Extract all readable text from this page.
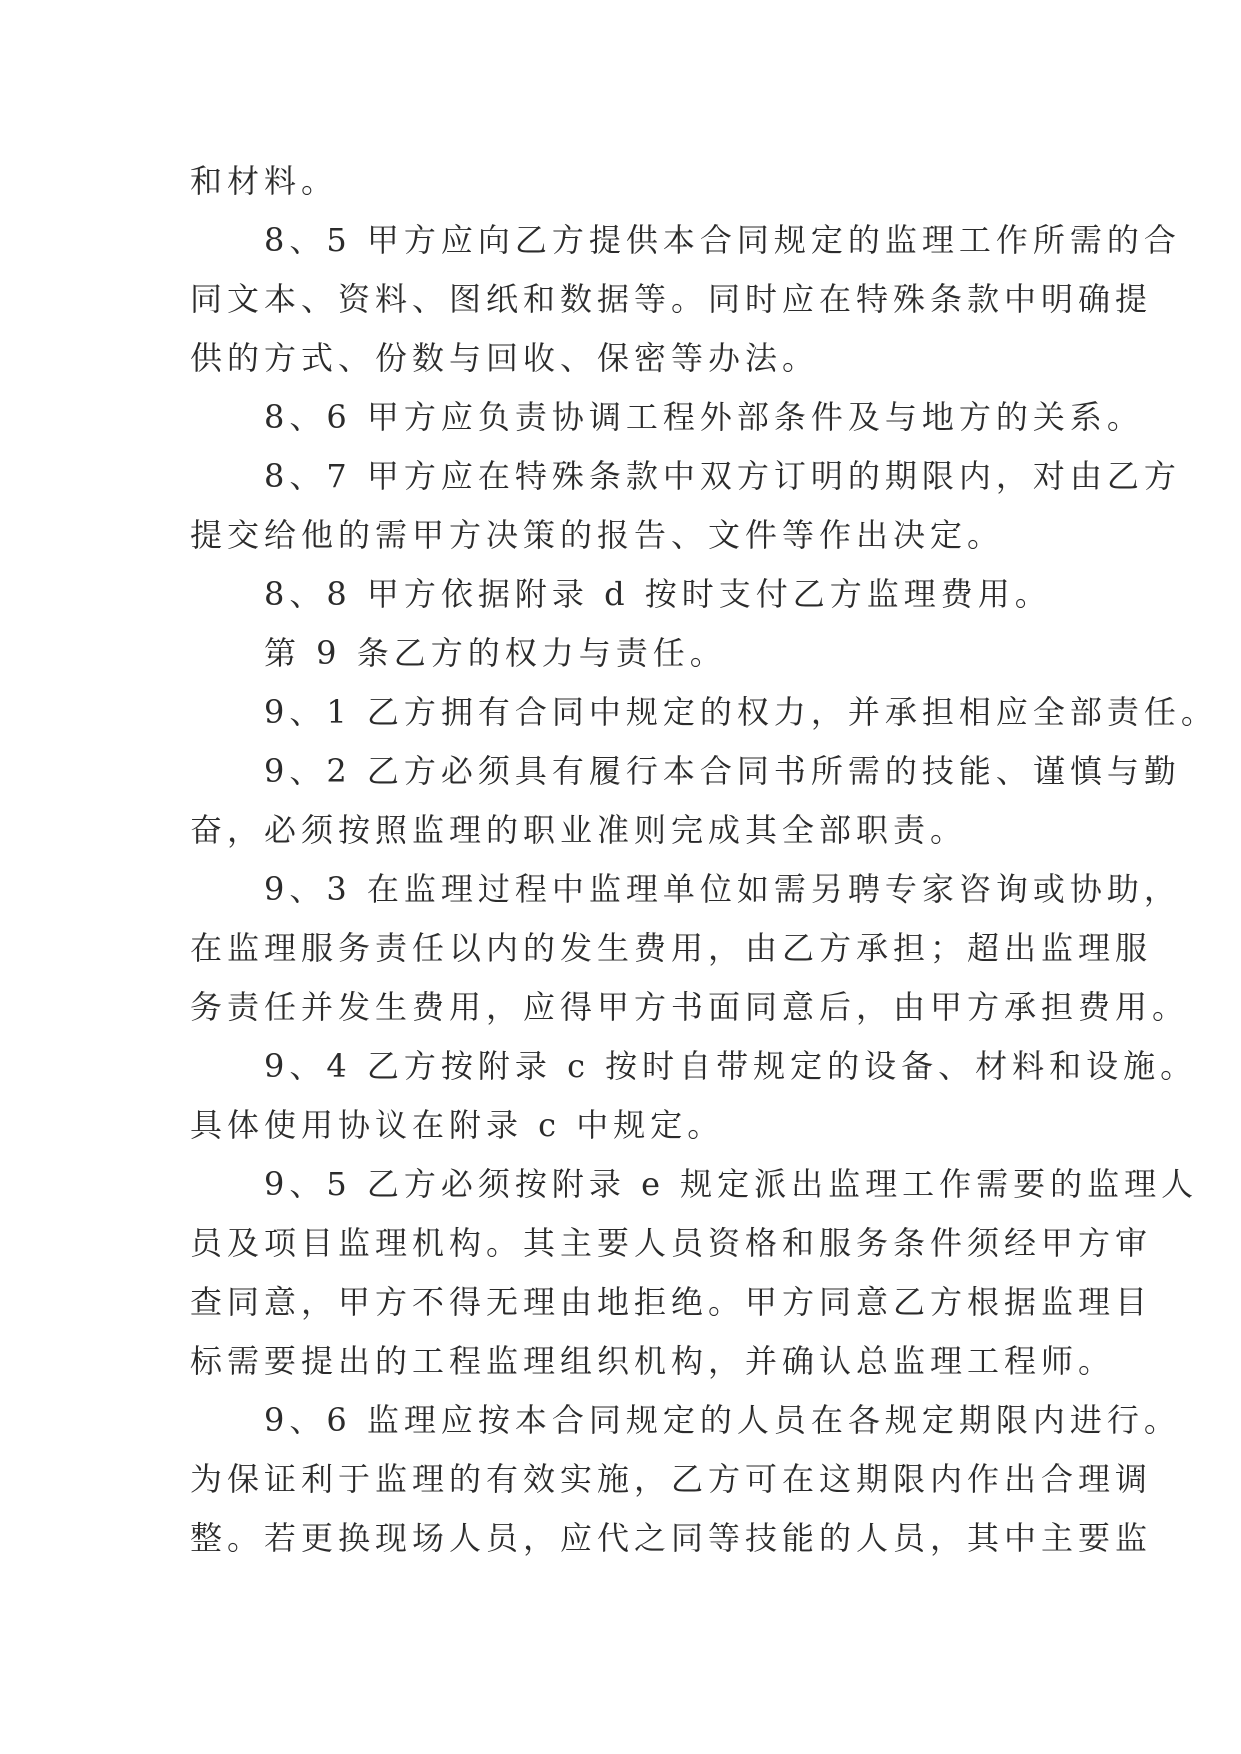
和材料。
　　8、5 甲方应向乙方提供本合同规定的监理工作所需的合
同文本、资料、图纸和数据等。同时应在特殊条款中明确提
供的方式、份数与回收、保密等办法。
　　8、6 甲方应负责协调工程外部条件及与地方的关系。
　　8、7 甲方应在特殊条款中双方订明的期限内，对由乙方
提交给他的需甲方决策的报告、文件等作出决定。
　　8、8 甲方依据附录 d 按时支付乙方监理费用。
　　第 9 条乙方的权力与责任。
　　9、1 乙方拥有合同中规定的权力，并承担相应全部责任。
　　9、2 乙方必须具有履行本合同书所需的技能、谨慎与勤
奋，必须按照监理的职业准则完成其全部职责。
　　9、3 在监理过程中监理单位如需另聘专家咨询或协助，
在监理服务责任以内的发生费用，由乙方承担；超出监理服
务责任并发生费用，应得甲方书面同意后，由甲方承担费用。
　　9、4 乙方按附录 c 按时自带规定的设备、材料和设施。
具体使用协议在附录 c 中规定。
　　9、5 乙方必须按附录 e 规定派出监理工作需要的监理人
员及项目监理机构。其主要人员资格和服务条件须经甲方审
查同意，甲方不得无理由地拒绝。甲方同意乙方根据监理目
标需要提出的工程监理组织机构，并确认总监理工程师。
　　9、6 监理应按本合同规定的人员在各规定期限内进行。
为保证利于监理的有效实施，乙方可在这期限内作出合理调
整。若更换现场人员，应代之同等技能的人员，其中主要监
